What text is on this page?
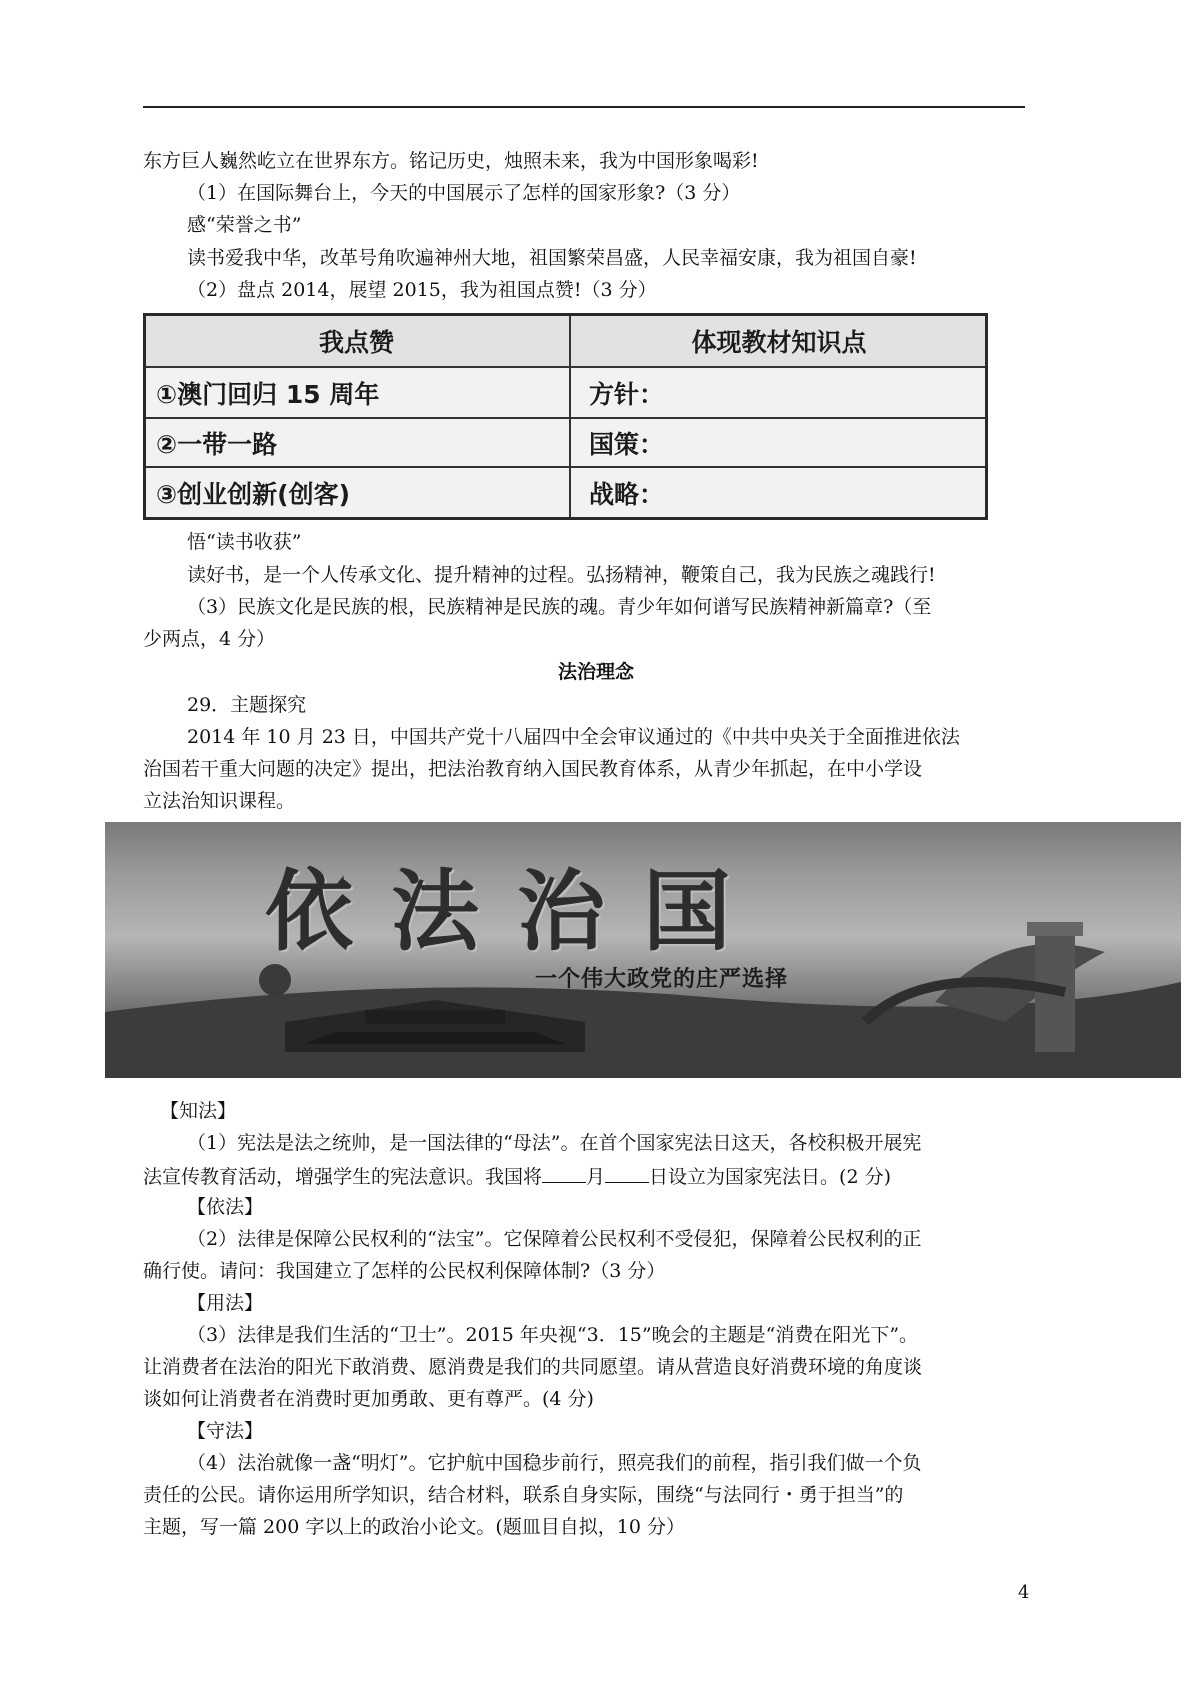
东方巨人巍然屹立在世界东方。铭记历史，烛照未来，我为中国形象喝彩!
（1）在国际舞台上，今天的中国展示了怎样的国家形象?（3 分）
感“荣誉之书”
读书爱我中华，改革号角吹遍神州大地，祖国繁荣昌盛，人民幸福安康，我为祖国自豪!
（2）盘点 2014，展望 2015，我为祖国点赞!（3 分）
我点赞	体现教材知识点
①澳门回归 15 周年	方针：
②一带一路	国策：
③创业创新(创客)	战略：
悟“读书收获”
读好书，是一个人传承文化、提升精神的过程。弘扬精神，鞭策自己，我为民族之魂践行!
（3）民族文化是民族的根，民族精神是民族的魂。青少年如何谱写民族精神新篇章?（至
少两点，4 分）
法治理念
29．主题探究
2014 年 10 月 23 日，中国共产党十八届四中全会审议通过的《中共中央关于全面推进依法
治国若干重大问题的决定》提出，把法治教育纳入国民教育体系，从青少年抓起，在中小学设
立法治知识课程。
依法治国
一个伟大政党的庄严选择
【知法】
（1）宪法是法之统帅，是一国法律的“母法”。在首个国家宪法日这天，各校积极开展宪
法宣传教育活动，增强学生的宪法意识。我国将 月 日设立为国家宪法日。(2 分)
【依法】
（2）法律是保障公民权利的“法宝”。它保障着公民权利不受侵犯，保障着公民权利的正
确行使。请问：我国建立了怎样的公民权利保障体制?（3 分）
【用法】
（3）法律是我们生活的“卫士”。2015 年央视“3．15”晚会的主题是“消费在阳光下”。
让消费者在法治的阳光下敢消费、愿消费是我们的共同愿望。请从营造良好消费环境的角度谈
谈如何让消费者在消费时更加勇敢、更有尊严。(4 分)
【守法】
（4）法治就像一盏“明灯”。它护航中国稳步前行，照亮我们的前程，指引我们做一个负
责任的公民。请你运用所学知识，结合材料，联系自身实际，围绕“与法同行・勇于担当”的
主题，写一篇 200 字以上的政治小论文。(题皿目自拟，10 分）
4
